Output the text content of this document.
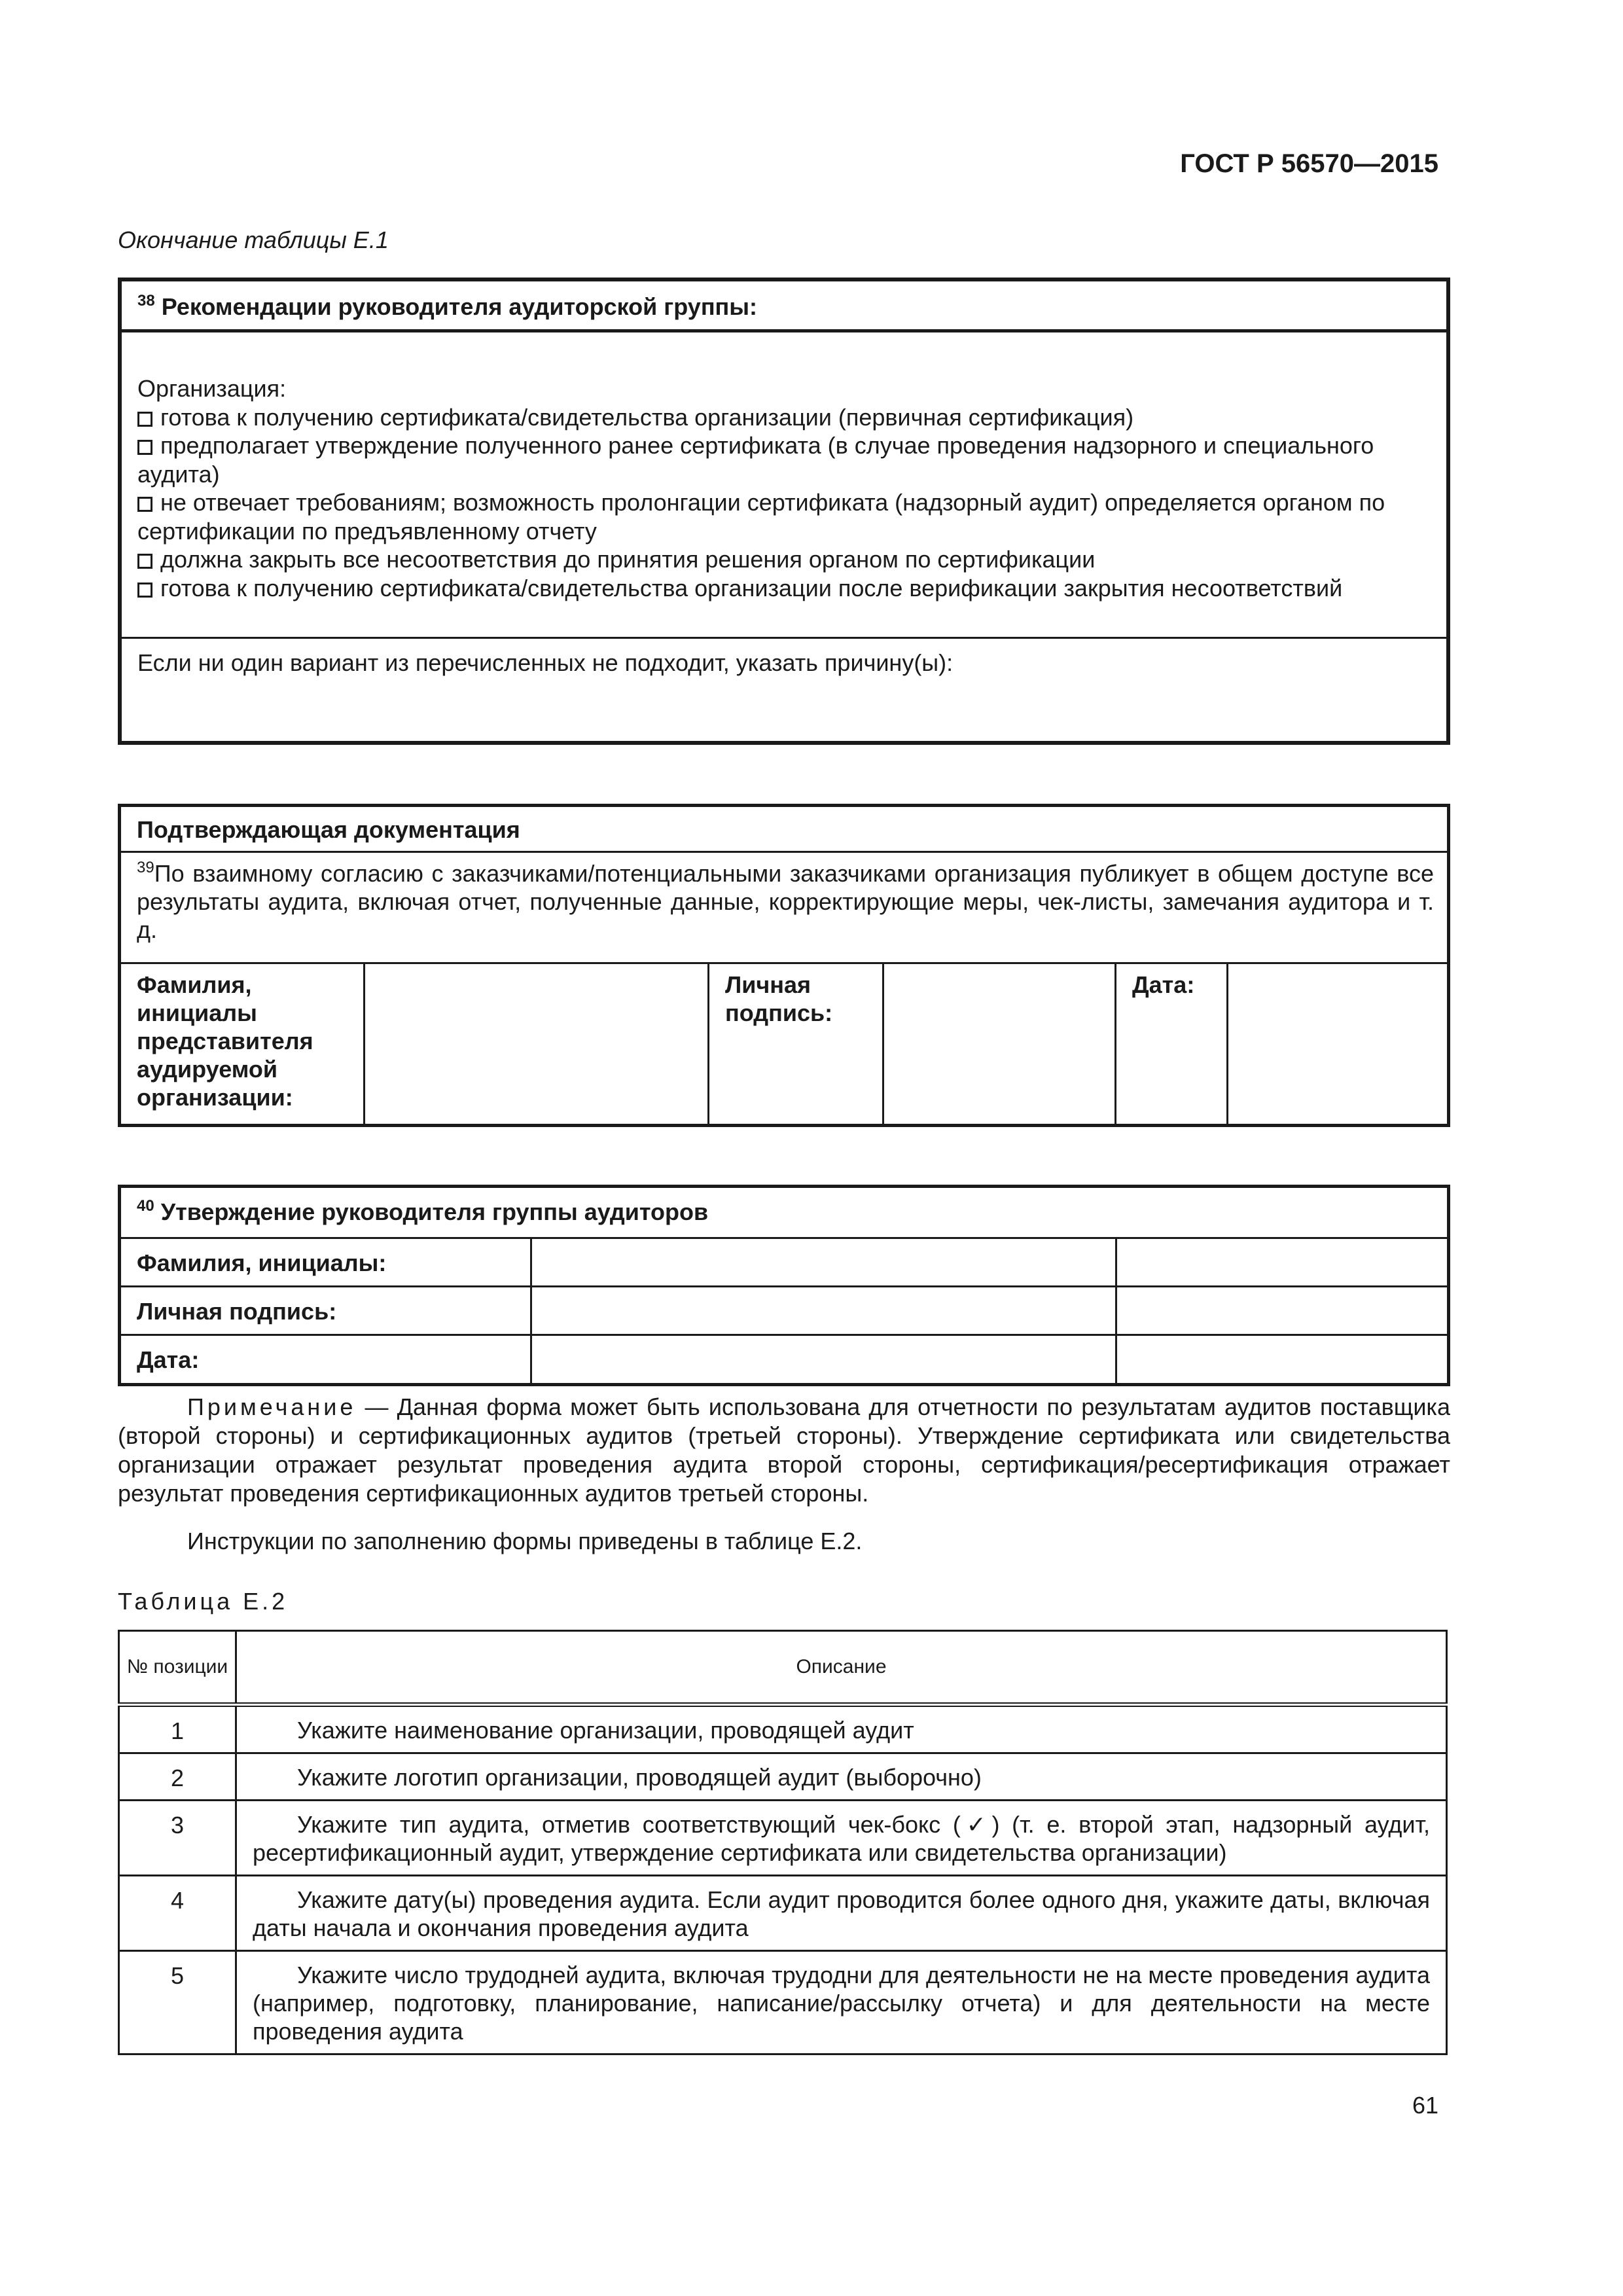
ГОСТ Р 56570—2015
Окончание таблицы Е.1
$^{38}$ Рекомендации руководителя аудиторской группы:
Организация:
готова к получению сертификата/свидетельства организации (первичная сертификация)
предполагает утверждение полученного ранее сертификата (в случае проведения надзорного и специального аудита)
не отвечает требованиям; возможность пролонгации сертификата (надзорный аудит) определяется органом по сертификации по предъявленному отчету
должна закрыть все несоответствия до принятия решения органом по сертификации
готова к получению сертификата/свидетельства организации после верификации закрытия несоответствий
Если ни один вариант из перечисленных не подходит, указать причину(ы):
Подтверждающая документация
$^{39}$По взаимному согласию с заказчиками/потенциальными заказчиками организация публикует в общем доступе все результаты аудита, включая отчет, полученные данные, корректирующие меры, чек-листы, замечания аудитора и т. д.
Фамилия, инициалы представителя аудируемой организации:
Личная подпись:
Дата:
$^{40}$ Утверждение руководителя группы аудиторов
Фамилия, инициалы:
Личная подпись:
Дата:
Примечание — Данная форма может быть использована для отчетности по результатам аудитов поставщика (второй стороны) и сертификационных аудитов (третьей стороны). Утверждение сертификата или свидетельства организации отражает результат проведения аудита второй стороны, сертификация/ресертификация отражает результат проведения сертификационных аудитов третьей стороны.
Инструкции по заполнению формы приведены в таблице Е.2.
Таблица Е.2
№ позиции	Описание
1	Укажите наименование организации, проводящей аудит
2	Укажите логотип организации, проводящей аудит (выборочно)
3	Укажите тип аудита, отметив соответствующий чек-бокс (✓) (т. е. второй этап, надзорный аудит, ресертификационный аудит, утверждение сертификата или свидетельства организации)
4	Укажите дату(ы) проведения аудита. Если аудит проводится более одного дня, укажите даты, включая даты начала и окончания проведения аудита
5	Укажите число трудодней аудита, включая трудодни для деятельности не на месте проведения аудита (например, подготовку, планирование, написание/рассылку отчета) и для деятельности на месте проведения аудита
61
